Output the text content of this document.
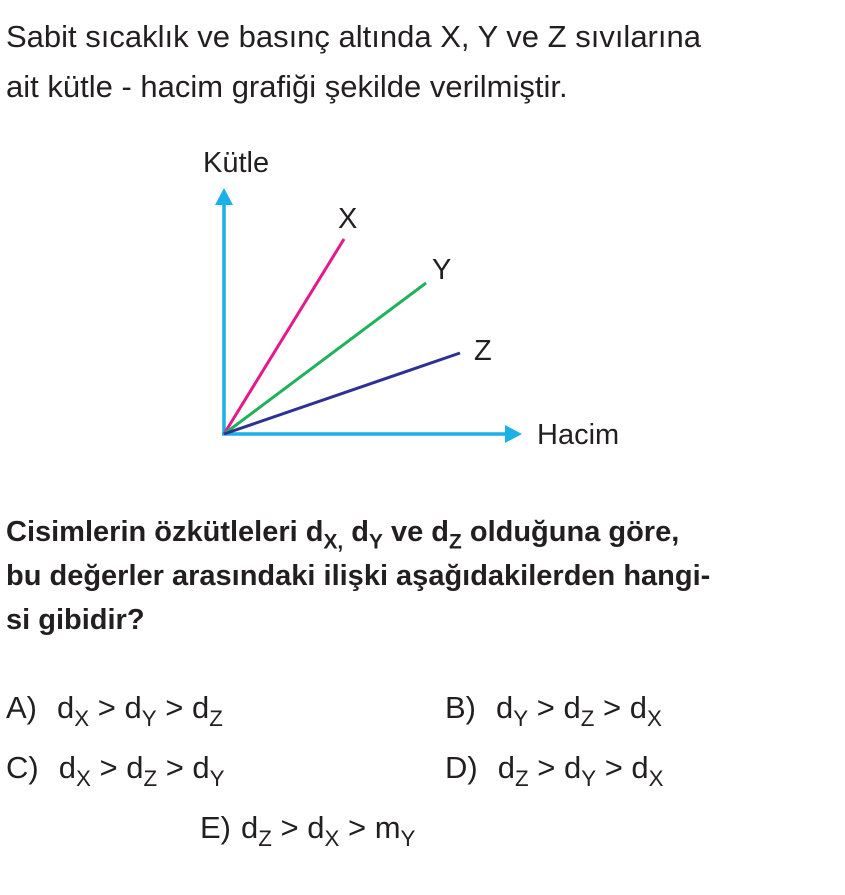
Sabit sıcaklık ve basınç altında X, Y ve Z sıvılarına
ait kütle - hacim grafiği şekilde verilmiştir.

Kütle
Hacim
X
Y
Z

Cisimlerin özkütleleri $d_{X,}$ $d_Y$ ve $d_Z$ olduğuna göre,
bu değerler arasındaki ilişki aşağıdakilerden hangi-
si gibidir?

A) $d_X > d_Y > d_Z$	B) $d_Y > d_Z > d_X$
C) $d_X > d_Z > d_Y$	D) $d_Z > d_Y > d_X$
E) $d_Z > d_X > m_Y$
